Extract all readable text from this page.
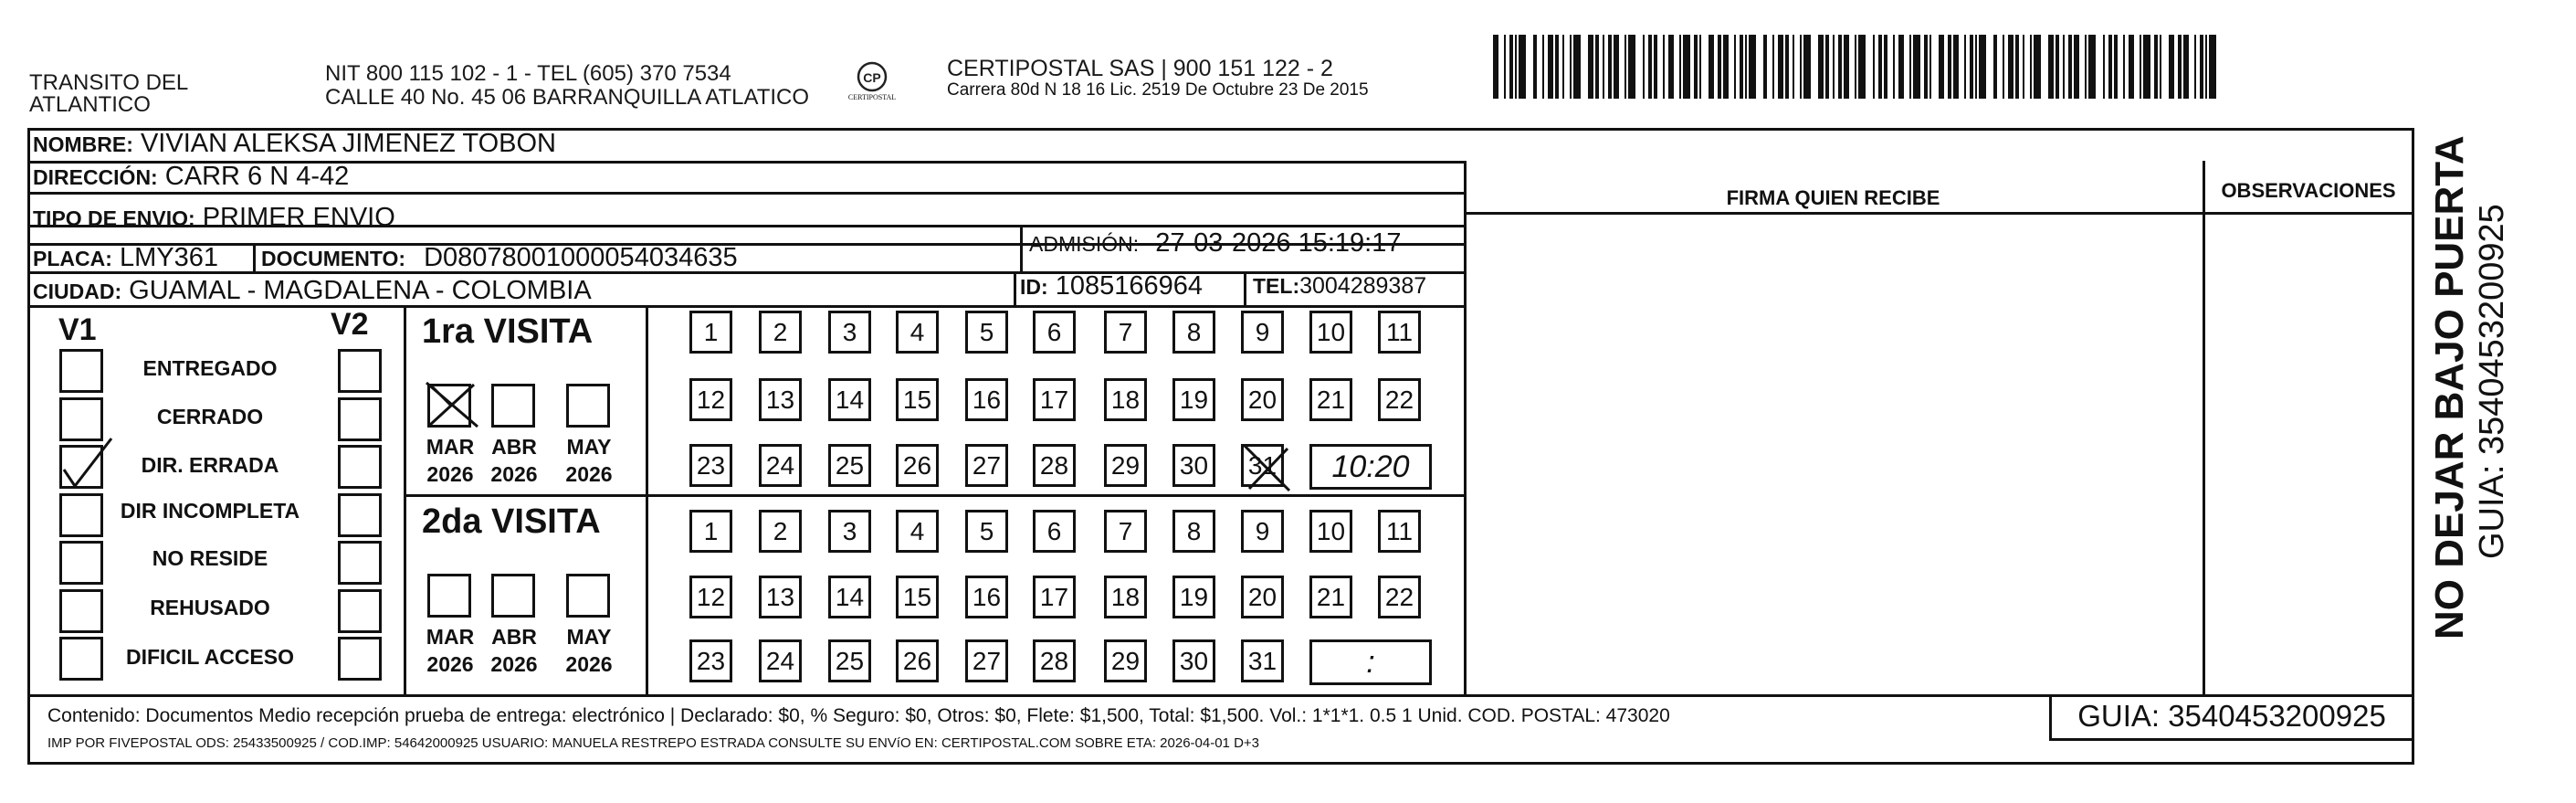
TRANSITO DEL
ATLANTICO
NIT 800 115 102 - 1 - TEL (605) 370 7534
CALLE 40 No. 45 06 BARRANQUILLA ATLATICO
CP
CERTIPOSTAL
CERTIPOSTAL SAS | 900 151 122 - 2
Carrera 80d N 18 16 Lic. 2519 De Octubre 23 De 2015
NOMBRE: VIVIAN ALEKSA JIMENEZ TOBON
DIRECCIÓN: CARR 6 N 4-42
TIPO DE ENVIO: PRIMER ENVIO
PLACA: LMY361 DOCUMENTO: D08078001000054034635	ADMISIÓN: 27-03-2026 15:19:17
CIUDAD: GUAMAL - MAGDALENA - COLOMBIA	ID: 1085166964 TEL:3004289387
FIRMA QUIEN RECIBE	OBSERVACIONES
V1	V2
ENTREGADO
CERRADO
DIR. ERRADA
DIR INCOMPLETA
NO RESIDE
REHUSADO
DIFICIL ACCESO
1ra VISITA
MAR
2026
ABR
2026
MAY
2026
1	2	3	4	5	6	7	8	9	10	11
12 13 14 15 16 17 18 19 20 21 22
23 24 25 26 27 28 29 30 31	10:20
2da VISITA
MAR
2026
ABR
2026
MAY
2026
1	2	3	4	5	6	7	8	9	10	11
12 13 14 15 16 17 18 19 20 21 22
23 24 25 26 27 28 29 30 31	:
Contenido: Documentos Medio recepción prueba de entrega: electrónico | Declarado: $0, % Seguro: $0, Otros: $0, Flete: $1,500, Total: $1,500. Vol.: 1*1*1. 0.5 1 Unid. COD. POSTAL: 473020
IMP POR FIVEPOSTAL ODS: 25433500925 / COD.IMP: 54642000925 USUARIO: MANUELA RESTREPO ESTRADA CONSULTE SU ENVíO EN: CERTIPOSTAL.COM SOBRE ETA: 2026-04-01 D+3
GUIA: 3540453200925
NO DEJAR BAJO PUERTA GUIA: 3540453200925
